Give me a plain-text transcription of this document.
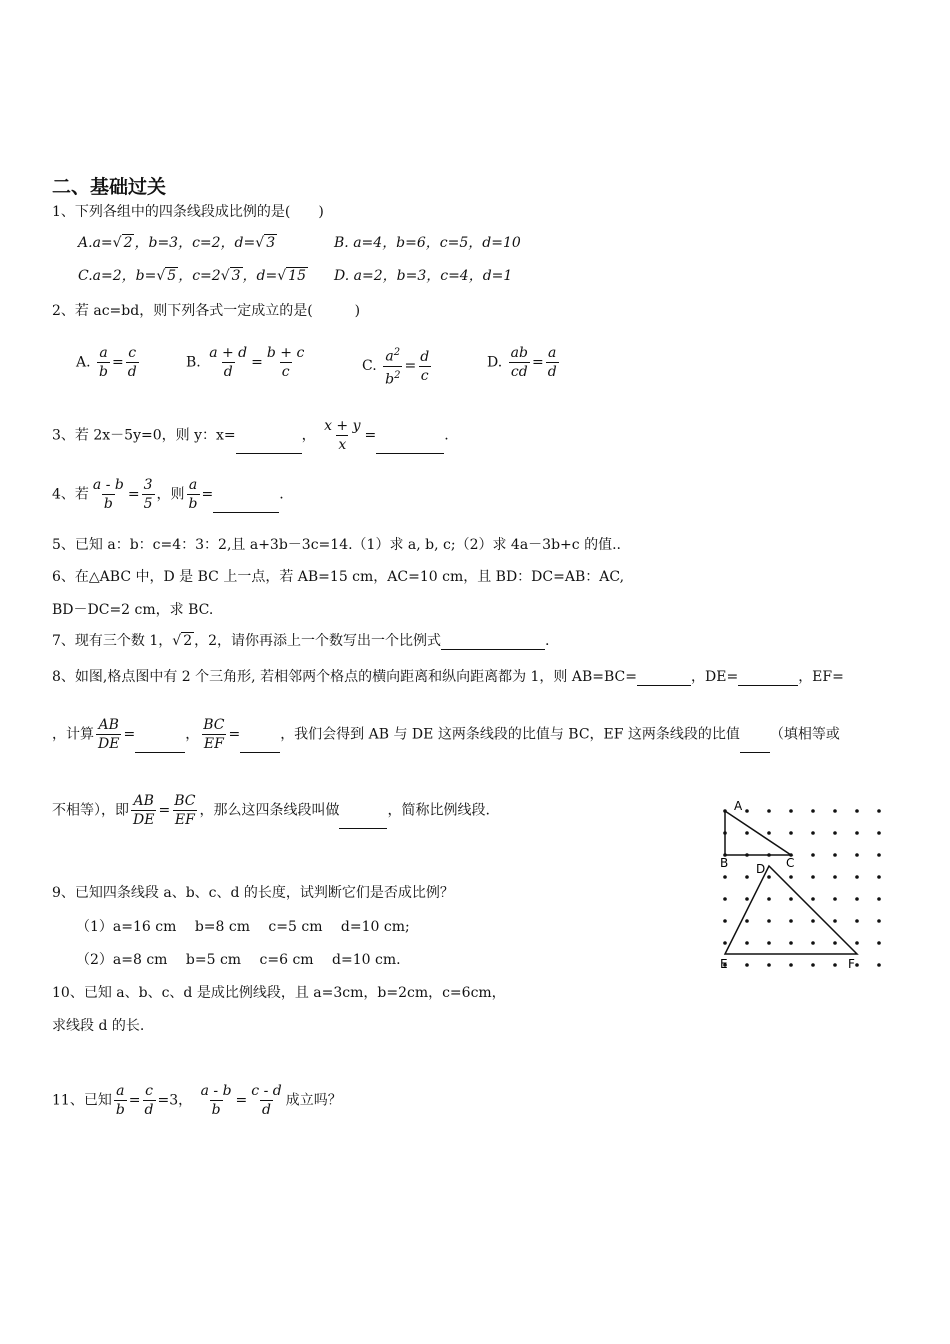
二、基础过关
1、下列各组中的四条线段成比例的是(　　)
A.a=√ 2 ，b=3，c=2，d=√ 3	B. a=4，b=6，c=5，d=10
C.a=2，b=√ 5 ，c=2√ 3 ，d=√ 15 D. a=2，b=3，c=4，d=1
2、若 ac=bd，则下列各式一定成立的是(　　　)
A. $\frac{a}{b} = \frac{c}{d}$	B. $\frac{a + d}{d} = \frac{b + c}{c}$	C. $\frac{a^2}{b^2} = \frac{d}{c}$	D. $\frac{ab}{cd} = \frac{a}{d}$
3、若 2x－5y=0，则 y：x=	， $\frac{x + y}{x}$ =	.
4、若 $\frac{a - b}{b} = \frac{3}{5}$ ，则 $\frac{a}{b}$ =	.
5、已知 a：b：c=4：3：2,且 a+3b－3c=14.（1）求 a, b, c;（2）求 4a－3b+c 的值..
6、在△ABC 中，D 是 BC 上一点，若 AB=15 cm，AC=10 cm，且 BD：DC=AB：AC,
BD－DC=2 cm，求 BC.
7、现有三个数 1，√ 2 ，2，请你再添上一个数写出一个比例式	.
8、如图,格点图中有 2 个三角形, 若相邻两个格点的横向距离和纵向距离都为 1，则 AB=BC=	，DE=	，EF=
，计算 $\frac{AB}{DE}$ =	， $\frac{BC}{EF}$ =	，我们会得到 AB 与 DE 这两条线段的比值与 BC，EF 这两条线段的比值 （填相等或
不相等），即 $\frac{AB}{DE} = \frac{BC}{EF}$ ，那么这四条线段叫做	，简称比例线段.	A
B	C
D
E	F
9、已知四条线段 a、b、c、d 的长度，试判断它们是否成比例？
（1）a=16 cm　 b=8 cm　 c=5 cm　 d=10 cm;
（2）a=8 cm　 b=5 cm　 c=6 cm　 d=10 cm.
10、已知 a、b、c、d 是成比例线段，且 a=3cm，b=2cm，c=6cm，
求线段 d 的长.
11、已知 $\frac{a}{b} = \frac{c}{d} =3$， $\frac{a - b}{b} = \frac{c - d}{d}$ 成立吗？
